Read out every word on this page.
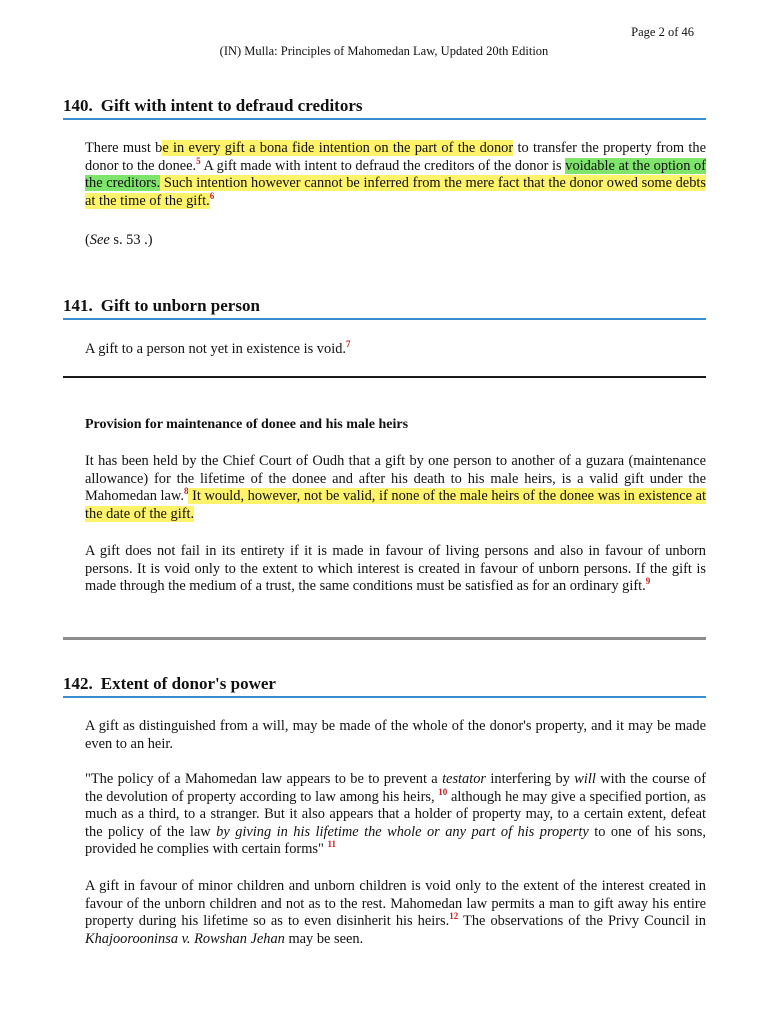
Page 2 of 46
(IN) Mulla: Principles of Mahomedan Law, Updated 20th Edition
140. Gift with intent to defraud creditors
There must be in every gift a bona fide intention on the part of the donor to transfer the property from the donor to the donee.$^5$ A gift made with intent to defraud the creditors of the donor is voidable at the option of the creditors. Such intention however cannot be inferred from the mere fact that the donor owed some debts at the time of the gift.$^6$
(See s. 53 .)
141. Gift to unborn person
A gift to a person not yet in existence is void.$^7$
Provision for maintenance of donee and his male heirs
It has been held by the Chief Court of Oudh that a gift by one person to another of a guzara (maintenance allowance) for the lifetime of the donee and after his death to his male heirs, is a valid gift under the Mahomedan law.$^8$ It would, however, not be valid, if none of the male heirs of the donee was in existence at the date of the gift.
A gift does not fail in its entirety if it is made in favour of living persons and also in favour of unborn persons. It is void only to the extent to which interest is created in favour of unborn persons. If the gift is made through the medium of a trust, the same conditions must be satisfied as for an ordinary gift.$^9$
142. Extent of donor's power
A gift as distinguished from a will, may be made of the whole of the donor's property, and it may be made even to an heir.
"The policy of a Mahomedan law appears to be to prevent a testator interfering by will with the course of the devolution of property according to law among his heirs, $^{10}$ although he may give a specified portion, as much as a third, to a stranger. But it also appears that a holder of property may, to a certain extent, defeat the policy of the law by giving in his lifetime the whole or any part of his property to one of his sons, provided he complies with certain forms" $^{11}$
A gift in favour of minor children and unborn children is void only to the extent of the interest created in favour of the unborn children and not as to the rest. Mahomedan law permits a man to gift away his entire property during his lifetime so as to even disinherit his heirs.$^{12}$ The observations of the Privy Council in Khajoorooninsa v. Rowshan Jehan may be seen.
